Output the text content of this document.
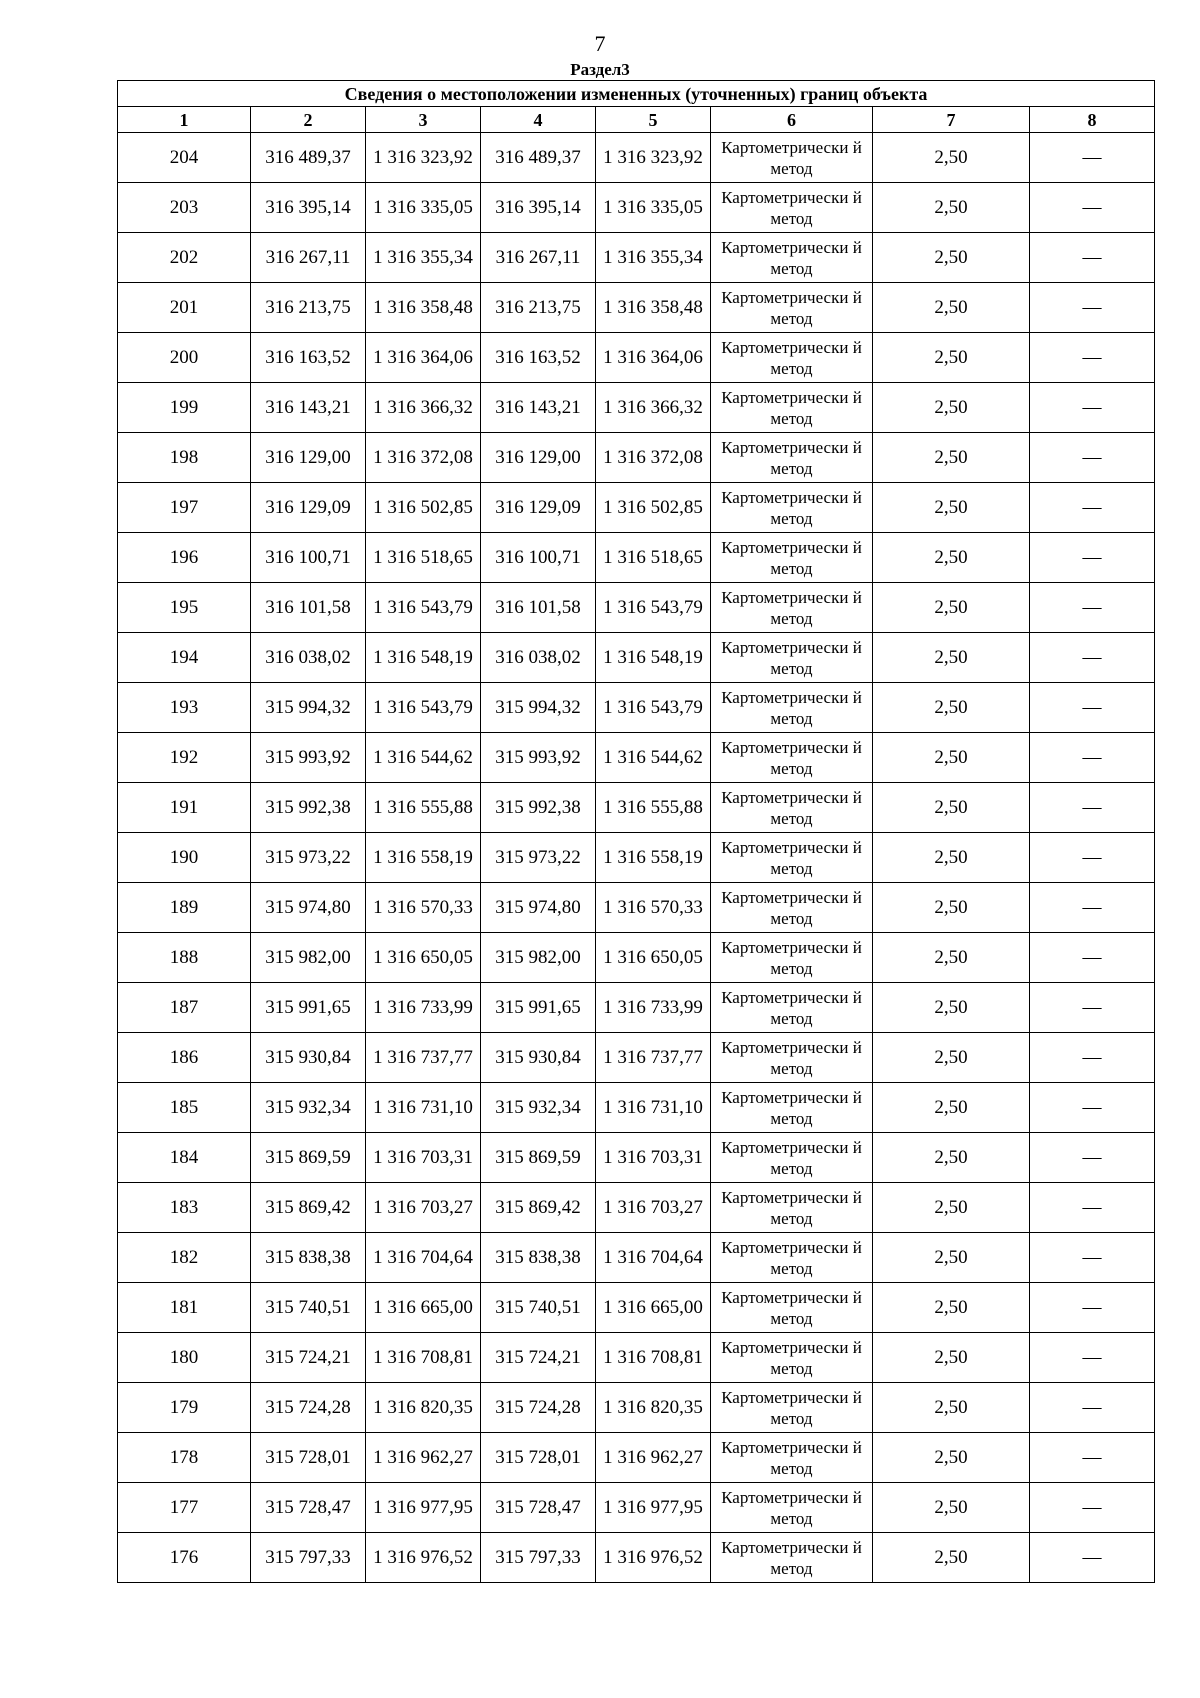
7
Раздел3
Сведения о местоположении измененных (уточненных) границ объекта							
1	2	3	4	5	6	7	8
204	316 489,37	1 316 323,92	316 489,37	1 316 323,92	Картометрически й метод	2,50	—
203	316 395,14	1 316 335,05	316 395,14	1 316 335,05	Картометрически й метод	2,50	—
202	316 267,11	1 316 355,34	316 267,11	1 316 355,34	Картометрически й метод	2,50	—
201	316 213,75	1 316 358,48	316 213,75	1 316 358,48	Картометрически й метод	2,50	—
200	316 163,52	1 316 364,06	316 163,52	1 316 364,06	Картометрически й метод	2,50	—
199	316 143,21	1 316 366,32	316 143,21	1 316 366,32	Картометрически й метод	2,50	—
198	316 129,00	1 316 372,08	316 129,00	1 316 372,08	Картометрически й метод	2,50	—
197	316 129,09	1 316 502,85	316 129,09	1 316 502,85	Картометрически й метод	2,50	—
196	316 100,71	1 316 518,65	316 100,71	1 316 518,65	Картометрически й метод	2,50	—
195	316 101,58	1 316 543,79	316 101,58	1 316 543,79	Картометрически й метод	2,50	—
194	316 038,02	1 316 548,19	316 038,02	1 316 548,19	Картометрически й метод	2,50	—
193	315 994,32	1 316 543,79	315 994,32	1 316 543,79	Картометрически й метод	2,50	—
192	315 993,92	1 316 544,62	315 993,92	1 316 544,62	Картометрически й метод	2,50	—
191	315 992,38	1 316 555,88	315 992,38	1 316 555,88	Картометрически й метод	2,50	—
190	315 973,22	1 316 558,19	315 973,22	1 316 558,19	Картометрически й метод	2,50	—
189	315 974,80	1 316 570,33	315 974,80	1 316 570,33	Картометрически й метод	2,50	—
188	315 982,00	1 316 650,05	315 982,00	1 316 650,05	Картометрически й метод	2,50	—
187	315 991,65	1 316 733,99	315 991,65	1 316 733,99	Картометрически й метод	2,50	—
186	315 930,84	1 316 737,77	315 930,84	1 316 737,77	Картометрически й метод	2,50	—
185	315 932,34	1 316 731,10	315 932,34	1 316 731,10	Картометрически й метод	2,50	—
184	315 869,59	1 316 703,31	315 869,59	1 316 703,31	Картометрически й метод	2,50	—
183	315 869,42	1 316 703,27	315 869,42	1 316 703,27	Картометрически й метод	2,50	—
182	315 838,38	1 316 704,64	315 838,38	1 316 704,64	Картометрически й метод	2,50	—
181	315 740,51	1 316 665,00	315 740,51	1 316 665,00	Картометрически й метод	2,50	—
180	315 724,21	1 316 708,81	315 724,21	1 316 708,81	Картометрически й метод	2,50	—
179	315 724,28	1 316 820,35	315 724,28	1 316 820,35	Картометрически й метод	2,50	—
178	315 728,01	1 316 962,27	315 728,01	1 316 962,27	Картометрически й метод	2,50	—
177	315 728,47	1 316 977,95	315 728,47	1 316 977,95	Картометрически й метод	2,50	—
176	315 797,33	1 316 976,52	315 797,33	1 316 976,52	Картометрически й метод	2,50	—
